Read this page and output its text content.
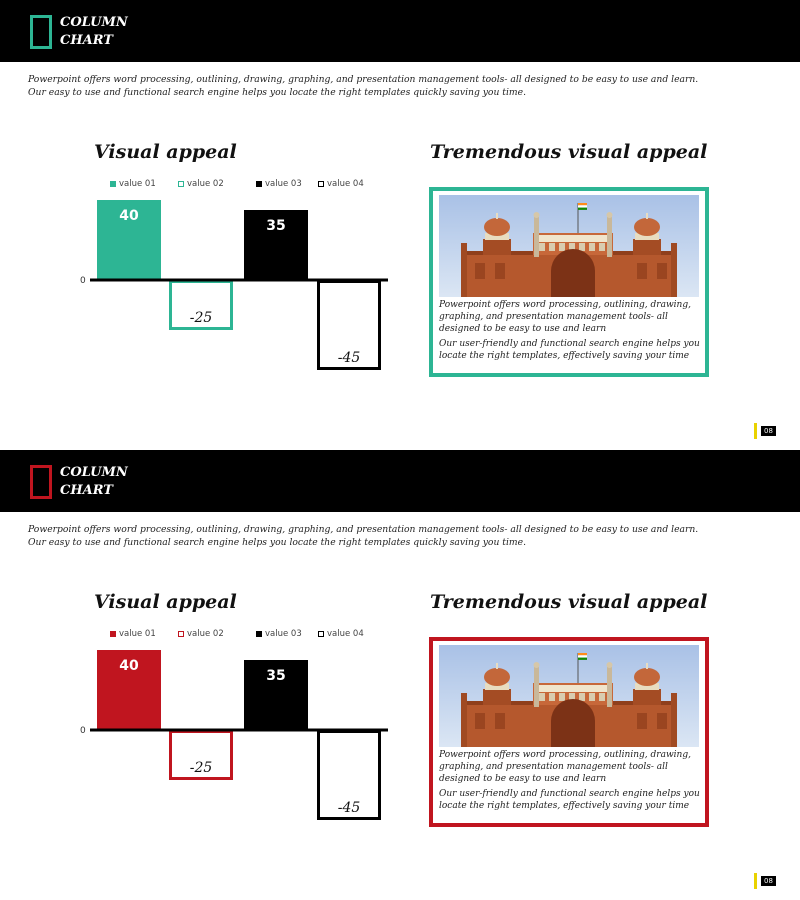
COLUMN
CHART

Powerpoint offers word processing, outlining, drawing, graphing, and presentation management tools- all designed to be easy to use and learn.

Our easy to use and functional search engine helps you locate the right templates quickly saving you time.

Visual appeal
value 01	value 02	value 03	value 04
0
40
-25
35
-45
Tremendous visual appeal

Powerpoint offers word processing, outlining, drawing, graphing, and presentation management tools- all designed to be easy to use and learn

Our user-friendly and functional search engine helps you locate the right templates, effectively saving your time

08
COLUMN
CHART

Powerpoint offers word processing, outlining, drawing, graphing, and presentation management tools- all designed to be easy to use and learn.

Our easy to use and functional search engine helps you locate the right templates quickly saving you time.

Visual appeal
value 01	value 02	value 03	value 04
0
40
-25
35
-45
Tremendous visual appeal

Powerpoint offers word processing, outlining, drawing, graphing, and presentation management tools- all designed to be easy to use and learn

Our user-friendly and functional search engine helps you locate the right templates, effectively saving your time

08
